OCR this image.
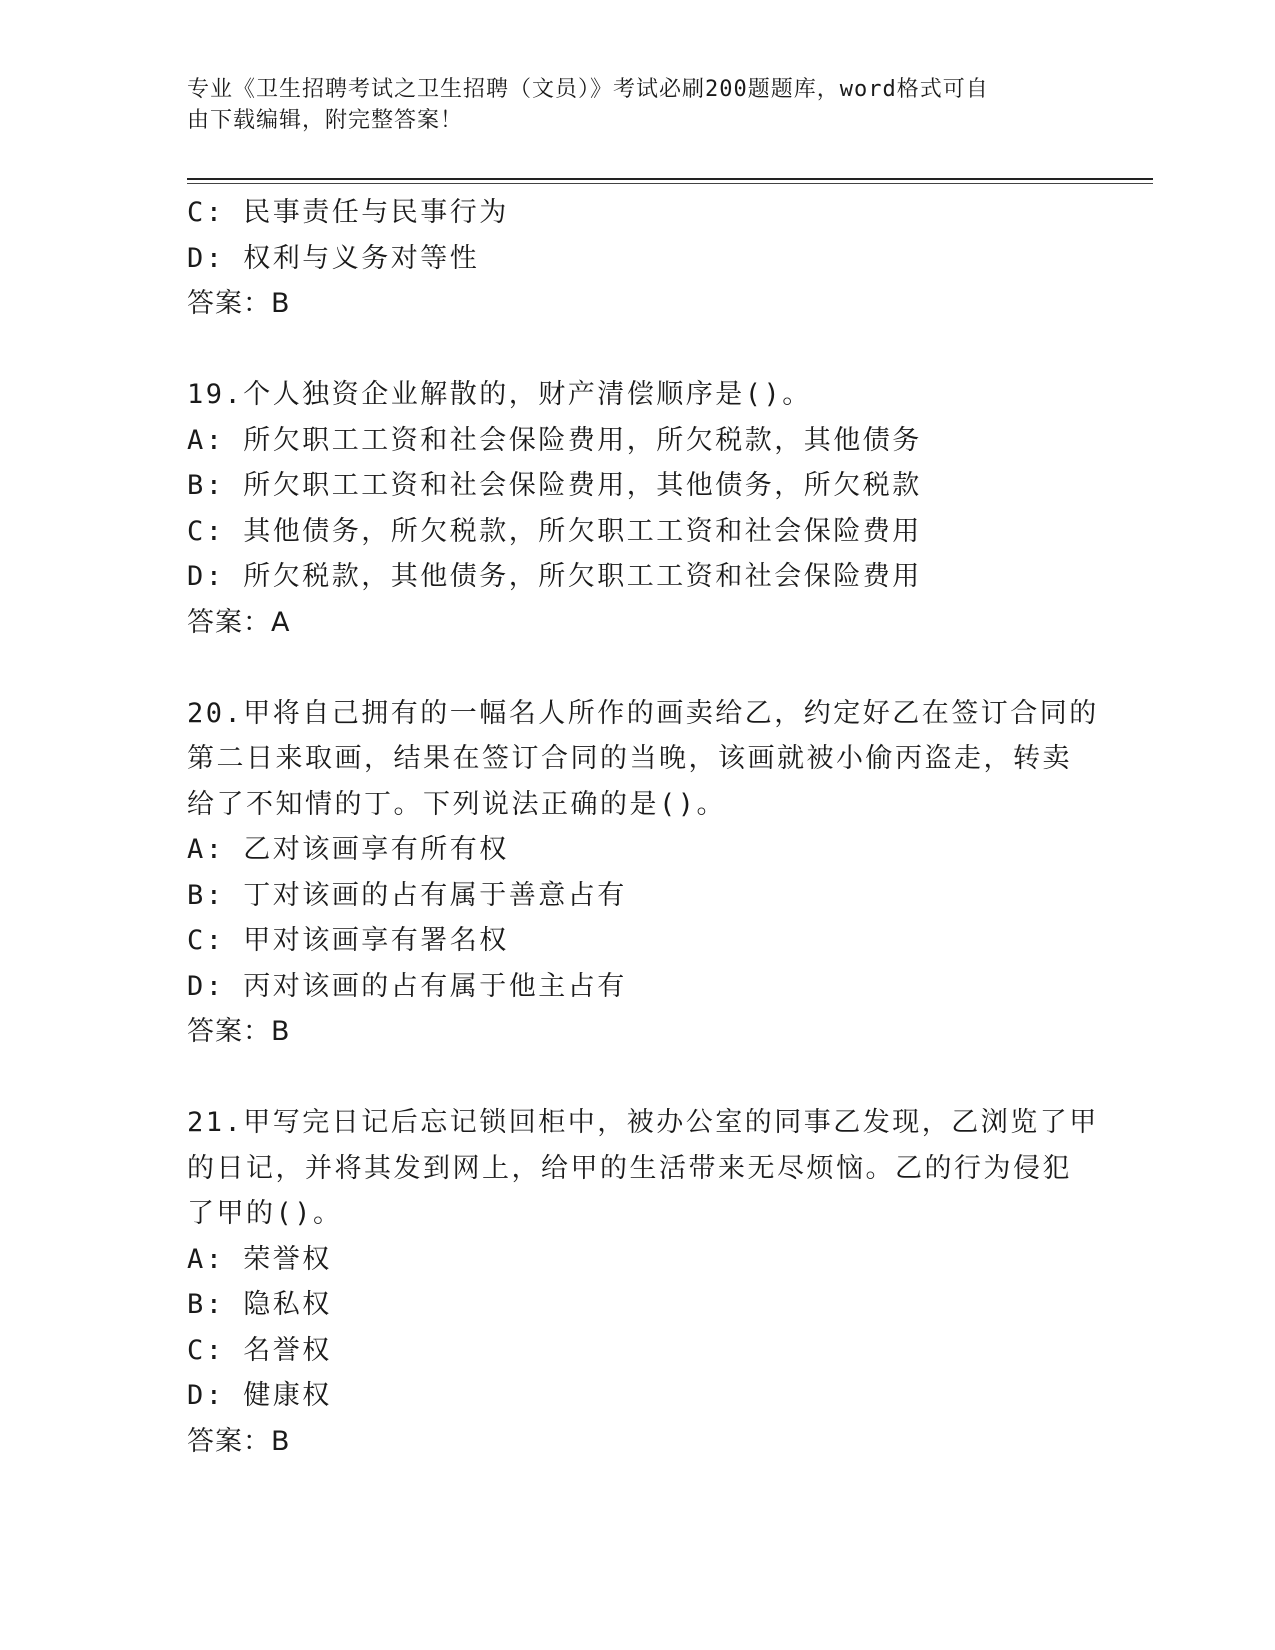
专业《卫生招聘考试之卫生招聘（文员）》考试必刷200题题库，word格式可自
由下载编辑，附完整答案！
C: 民事责任与民事行为
D: 权利与义务对等性
答案：B
19.个人独资企业解散的，财产清偿顺序是()。
A: 所欠职工工资和社会保险费用，所欠税款，其他债务
B: 所欠职工工资和社会保险费用，其他债务，所欠税款
C: 其他债务，所欠税款，所欠职工工资和社会保险费用
D: 所欠税款，其他债务，所欠职工工资和社会保险费用
答案：A
20.甲将自己拥有的一幅名人所作的画卖给乙，约定好乙在签订合同的
第二日来取画，结果在签订合同的当晚，该画就被小偷丙盗走，转卖
给了不知情的丁。下列说法正确的是()。
A: 乙对该画享有所有权
B: 丁对该画的占有属于善意占有
C: 甲对该画享有署名权
D: 丙对该画的占有属于他主占有
答案：B
21.甲写完日记后忘记锁回柜中，被办公室的同事乙发现，乙浏览了甲
的日记，并将其发到网上，给甲的生活带来无尽烦恼。乙的行为侵犯
了甲的()。
A: 荣誉权
B: 隐私权
C: 名誉权
D: 健康权
答案：B
